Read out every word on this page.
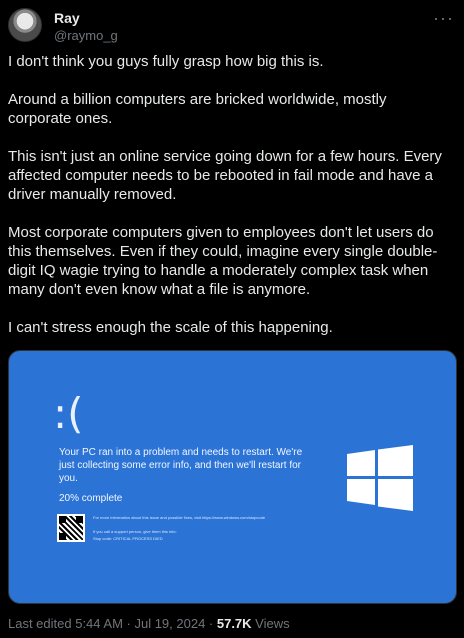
Ray
@raymo_g
···

I don't think you guys fully grasp how big this is.

Around a billion computers are bricked worldwide, mostly corporate ones.

This isn't just an online service going down for a few hours. Every affected computer needs to be rebooted in fail mode and have a driver manually removed.

Most corporate computers given to employees don't let users do this themselves. Even if they could, imagine every single double-digit IQ wagie trying to handle a moderately complex task when many don't even know what a file is anymore.

I can't stress enough the scale of this happening.

:(
Your PC ran into a problem and needs to restart. We're just collecting some error info, and then we'll restart for you.
20% complete
For more information about this issue and possible fixes, visit https://www.windows.com/stopcode
If you call a support person, give them this info:
Stop code: CRITICAL PROCESS DIED
Last edited 5:44 AM · Jul 19, 2024 · 57.7K Views
